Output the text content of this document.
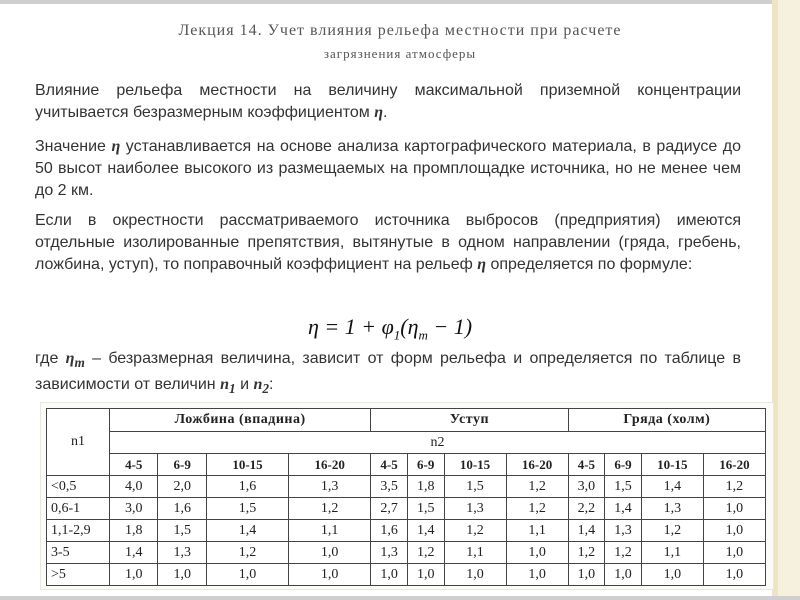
Лекция 14. Учет влияния рельефа местности при расчете
загрязнения атмосферы
Влияние рельефа местности на величину максимальной приземной концентрации учитывается безразмерным коэффициентом η.
Значение η устанавливается на основе анализа картографического материала, в радиусе до 50 высот наиболее высокого из размещаемых на промплощадке источника, но не менее чем до 2 км.
Если в окрестности рассматриваемого источника выбросов (предприятия) имеются отдельные изолированные препятствия, вытянутые в одном направлении (гряда, гребень, ложбина, уступ), то поправочный коэффициент на рельеф η определяется по формуле:
$\eta = 1 + \varphi_1(\eta_m - 1)$
где $\eta_m$ – безразмерная величина, зависит от форм рельефа и определяется по таблице в зависимости от величин $n_1$ и $n_2$:
n1	Ложбина (впадина)				Уступ				Гряда (холм)			
	n2											
	4-5	6-9	10-15	16-20	4-5	6-9	10-15	16-20	4-5	6-9	10-15	16-20
<0,5	4,0	2,0	1,6	1,3	3,5	1,8	1,5	1,2	3,0	1,5	1,4	1,2
0,6-1	3,0	1,6	1,5	1,2	2,7	1,5	1,3	1,2	2,2	1,4	1,3	1,0
1,1-2,9	1,8	1,5	1,4	1,1	1,6	1,4	1,2	1,1	1,4	1,3	1,2	1,0
3-5	1,4	1,3	1,2	1,0	1,3	1,2	1,1	1,0	1,2	1,2	1,1	1,0
>5	1,0	1,0	1,0	1,0	1,0	1,0	1,0	1,0	1,0	1,0	1,0	1,0
